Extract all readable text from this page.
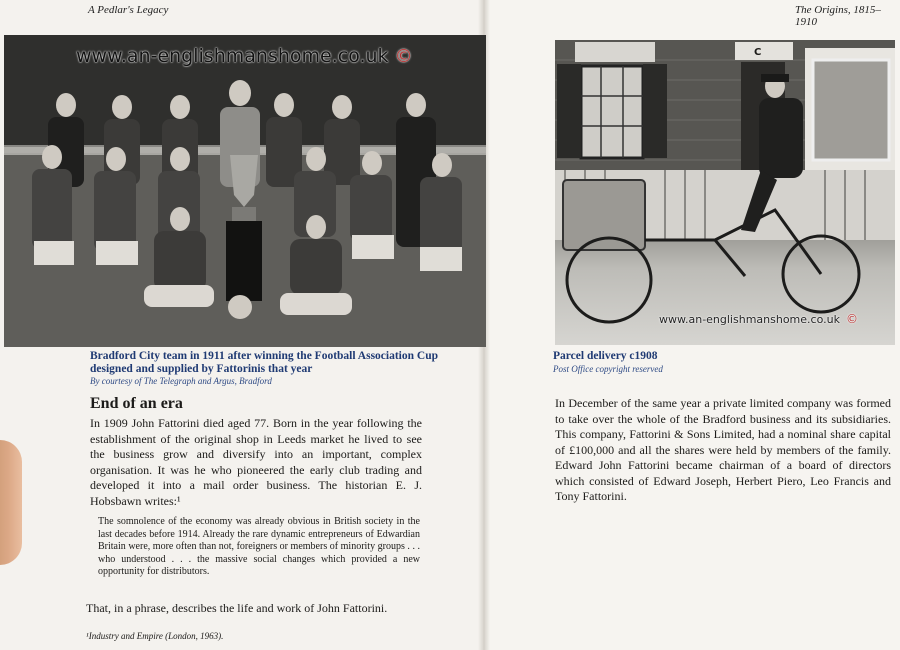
A Pedlar's Legacy	The Origins, 1815–1910
www.an-englishmanshome.co.uk ©
Bradford City team in 1911 after winning the Football Association Cup designed and supplied by Fattorinis that year
By courtesy of The Telegraph and Argus, Bradford
www.an-englishmanshome.co.uk ©
C
Parcel delivery c1908
Post Office copyright reserved
End of an era
In 1909 John Fattorini died aged 77. Born in the year following the establishment of the original shop in Leeds market he lived to see the business grow and diversify into an important, complex organisation. It was he who pioneered the early club trading and developed it into a mail order business. The historian E. J. Hobsbawn writes:¹
The somnolence of the economy was already obvious in British society in the last decades before 1914. Already the rare dynamic entrepreneurs of Edwardian Britain were, more often than not, foreigners or members of minority groups . . . who understood . . . the massive social changes which provided a new opportunity for distributors.
That, in a phrase, describes the life and work of John Fattorini.
¹Industry and Empire (London, 1963).
In December of the same year a private limited company was formed to take over the whole of the Bradford business and its subsidiaries. This company, Fattorini & Sons Limited, had a nominal share capital of £100,000 and all the shares were held by members of the family. Edward John Fattorini became chairman of a board of directors which consisted of Edward Joseph, Herbert Piero, Leo Francis and Tony Fattorini.
